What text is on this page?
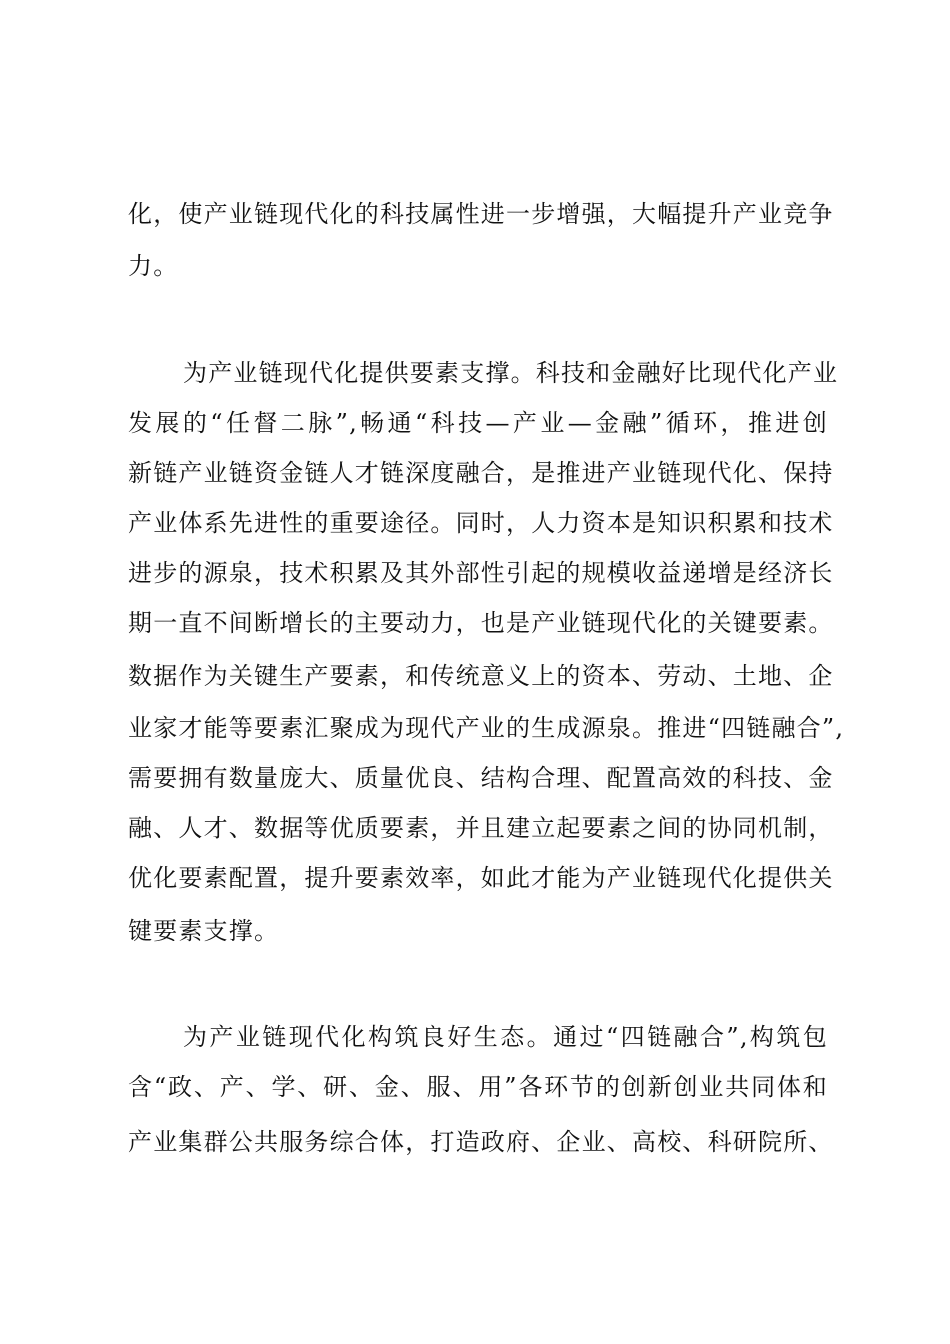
化，使产业链现代化的科技属性进一步增强，大幅提升产业竞争
力。
为产业链现代化提供要素支撑。科技和金融好比现代化产业
发展的“任督二脉”,畅通“科技—产业—金融”循环，推进创
新链产业链资金链人才链深度融合，是推进产业链现代化、保持
产业体系先进性的重要途径。同时，人力资本是知识积累和技术
进步的源泉，技术积累及其外部性引起的规模收益递增是经济长
期一直不间断增长的主要动力，也是产业链现代化的关键要素。
数据作为关键生产要素，和传统意义上的资本、劳动、土地、企
业家才能等要素汇聚成为现代产业的生成源泉。推进“四链融合”,
需要拥有数量庞大、质量优良、结构合理、配置高效的科技、金
融、人才、数据等优质要素，并且建立起要素之间的协同机制，
优化要素配置，提升要素效率，如此才能为产业链现代化提供关
键要素支撑。
为产业链现代化构筑良好生态。通过“四链融合”,构筑包
含“政、产、学、研、金、服、用”各环节的创新创业共同体和
产业集群公共服务综合体，打造政府、企业、高校、科研院所、
